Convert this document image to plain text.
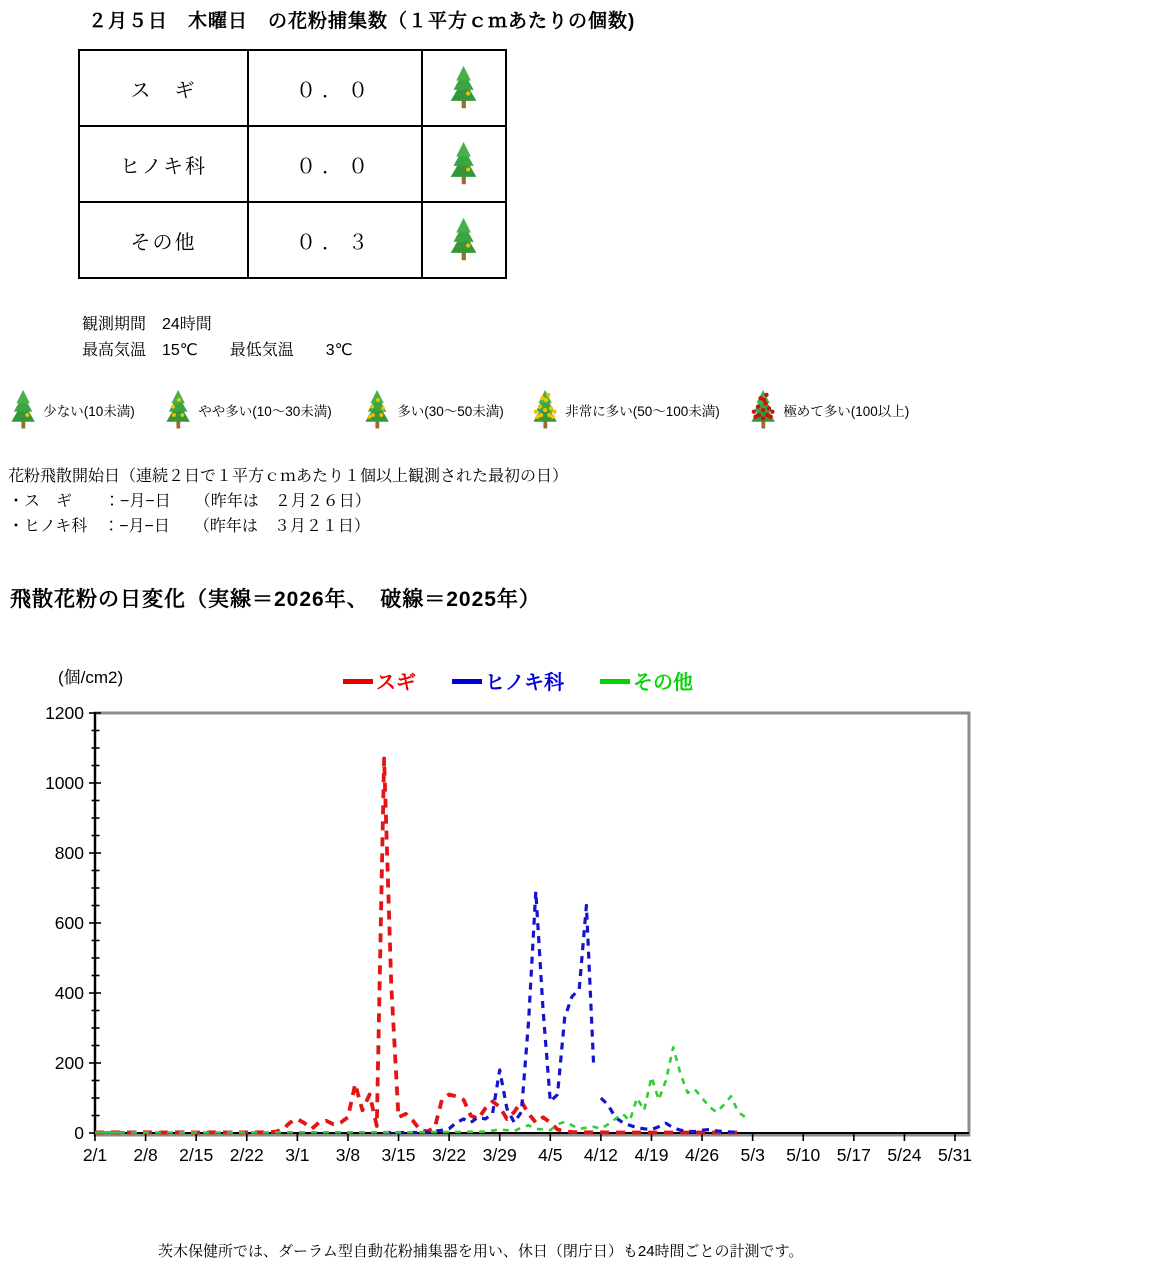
0
200
400
600
800
1000
1200
2/1 2/8 2/15 2/22 3/1 3/8 3/15 3/22 3/29 4/5 4/12 4/19 4/26 5/3 5/10 5/17 5/24 5/31
２月５日　木曜日　の花粉捕集数（１平方ｃｍあたりの個数)
ス　ギ	０．０	

ヒノキ科	０．０	

その他	０．３	
観測期間　24時間
最高気温　15℃　　最低気温　　3℃
少ない(10未満)	やや多い(10～30未満)	多い(30～50未満)	非常に多い(50～100未満)	極めて多い(100以上)
花粉飛散開始日（連続２日で１平方ｃｍあたり１個以上観測された最初の日）
・ス　ギ　　：−月−日　　（昨年は　２月２６日）
・ヒノキ科　：−月−日　　（昨年は　３月２１日）
飛散花粉の日変化（実線＝2026年、　破線＝2025年）
(個/cm2)	スギ	ヒノキ科	その他
茨木保健所では、ダーラム型自動花粉捕集器を用い、休日（閉庁日）も24時間ごとの計測です。
